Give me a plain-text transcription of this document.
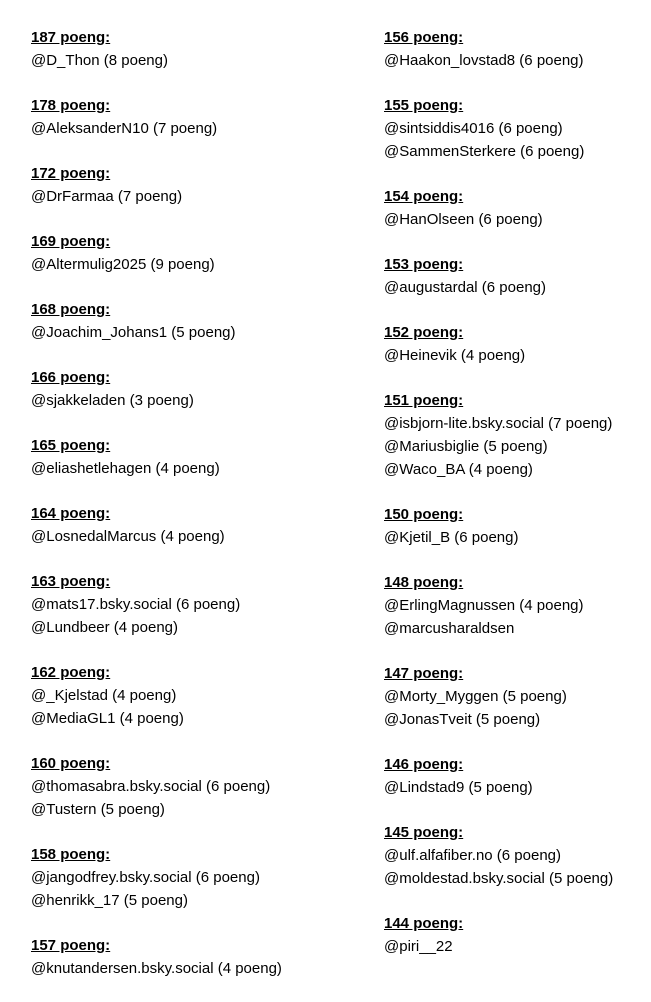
187 poeng:
@D_Thon (8 poeng)
178 poeng:
@AleksanderN10 (7 poeng)
172 poeng:
@DrFarmaa (7 poeng)
169 poeng:
@Altermulig2025 (9 poeng)
168 poeng:
@Joachim_Johans1 (5 poeng)
166 poeng:
@sjakkeladen (3 poeng)
165 poeng:
@eliashetlehagen (4 poeng)
164 poeng:
@LosnedalMarcus (4 poeng)
163 poeng:
@mats17.bsky.social (6 poeng)
@Lundbeer (4 poeng)
162 poeng:
@_Kjelstad (4 poeng)
@MediaGL1 (4 poeng)
160 poeng:
@thomasabra.bsky.social (6 poeng)
@Tustern (5 poeng)
158 poeng:
@jangodfrey.bsky.social (6 poeng)
@henrikk_17 (5 poeng)
157 poeng:
@knutandersen.bsky.social (4 poeng)
156 poeng:
@Haakon_lovstad8 (6 poeng)
155 poeng:
@sintsiddis4016 (6 poeng)
@SammenSterkere (6 poeng)
154 poeng:
@HanOlseen (6 poeng)
153 poeng:
@augustardal (6 poeng)
152 poeng:
@Heinevik (4 poeng)
151 poeng:
@isbjorn-lite.bsky.social (7 poeng)
@Mariusbiglie (5 poeng)
@Waco_BA (4 poeng)
150 poeng:
@Kjetil_B (6 poeng)
148 poeng:
@ErlingMagnussen (4 poeng)
@marcusharaldsen
147 poeng:
@Morty_Myggen (5 poeng)
@JonasTveit (5 poeng)
146 poeng:
@Lindstad9 (5 poeng)
145 poeng:
@ulf.alfafiber.no (6 poeng)
@moldestad.bsky.social (5 poeng)
144 poeng:
@piri__22
